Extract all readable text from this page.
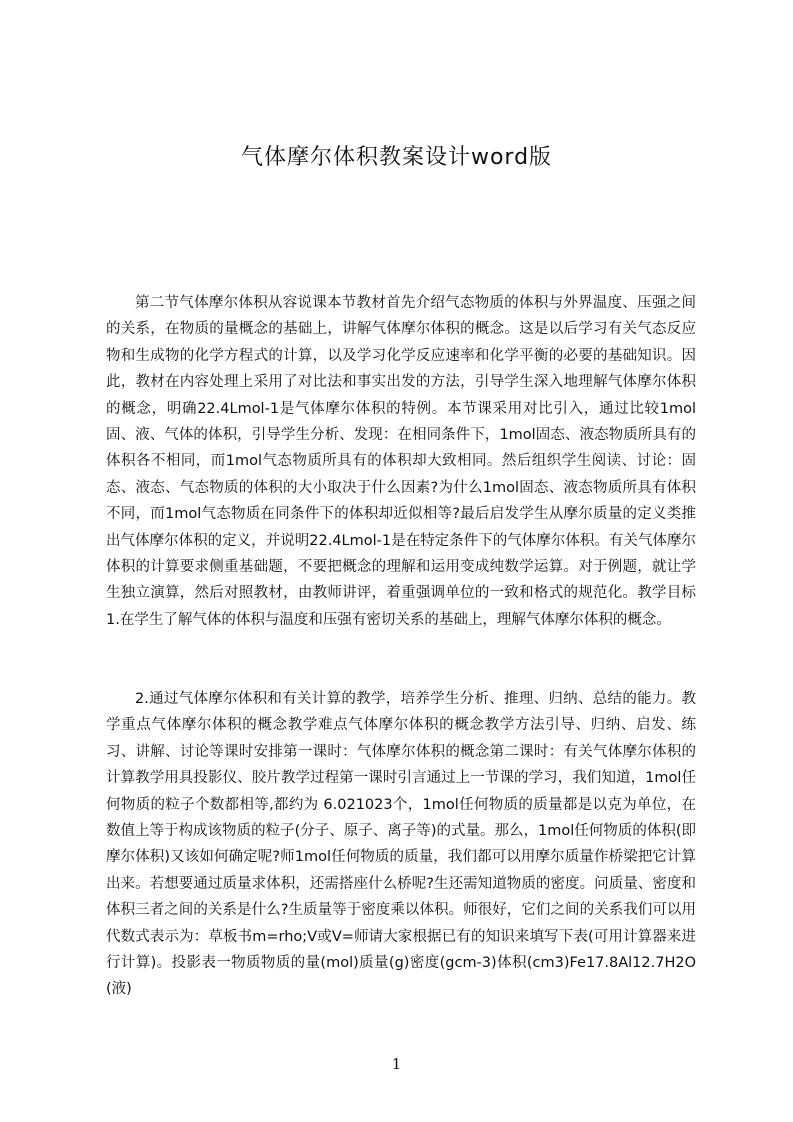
气体摩尔体积教案设计word版

第二节气体摩尔体积从容说课本节教材首先介绍气态物质的体积与外界温度、压强之间的关系，在物质的量概念的基础上，讲解气体摩尔体积的概念。这是以后学习有关气态反应物和生成物的化学方程式的计算，以及学习化学反应速率和化学平衡的必要的基础知识。因此，教材在内容处理上采用了对比法和事实出发的方法，引导学生深入地理解气体摩尔体积的概念，明确22.4Lmol-1是气体摩尔体积的特例。本节课采用对比引入，通过比较1mol固、液、气体的体积，引导学生分析、发现：在相同条件下，1mol固态、液态物质所具有的体积各不相同，而1mol气态物质所具有的体积却大致相同。然后组织学生阅读、讨论：固态、液态、气态物质的体积的大小取决于什么因素?为什么1mol固态、液态物质所具有体积不同，而1mol气态物质在同条件下的体积却近似相等?最后启发学生从摩尔质量的定义类推出气体摩尔体积的定义，并说明22.4Lmol-1是在特定条件下的气体摩尔体积。有关气体摩尔体积的计算要求侧重基础题，不要把概念的理解和运用变成纯数学运算。对于例题，就让学生独立演算，然后对照教材，由教师讲评，着重强调单位的一致和格式的规范化。教学目标1.在学生了解气体的体积与温度和压强有密切关系的基础上，理解气体摩尔体积的概念。

2.通过气体摩尔体积和有关计算的教学，培养学生分析、推理、归纳、总结的能力。教学重点气体摩尔体积的概念教学难点气体摩尔体积的概念教学方法引导、归纳、启发、练习、讲解、讨论等课时安排第一课时：气体摩尔体积的概念第二课时：有关气体摩尔体积的计算教学用具投影仪、胶片教学过程第一课时引言通过上一节课的学习，我们知道，1mol任何物质的粒子个数都相等,都约为 6.021023个，1mol任何物质的质量都是以克为单位，在数值上等于构成该物质的粒子(分子、原子、离子等)的式量。那么，1mol任何物质的体积(即摩尔体积)又该如何确定呢?师1mol任何物质的质量，我们都可以用摩尔质量作桥梁把它计算出来。若想要通过质量求体积，还需搭座什么桥呢?生还需知道物质的密度。问质量、密度和体积三者之间的关系是什么?生质量等于密度乘以体积。师很好，它们之间的关系我们可以用代数式表示为：草板书m=rho;V或V=师请大家根据已有的知识来填写下表(可用计算器来进行计算)。投影表一物质物质的量(mol)质量(g)密度(gcm-3)体积(cm3)Fe17.8Al12.7H2O(液)

1
